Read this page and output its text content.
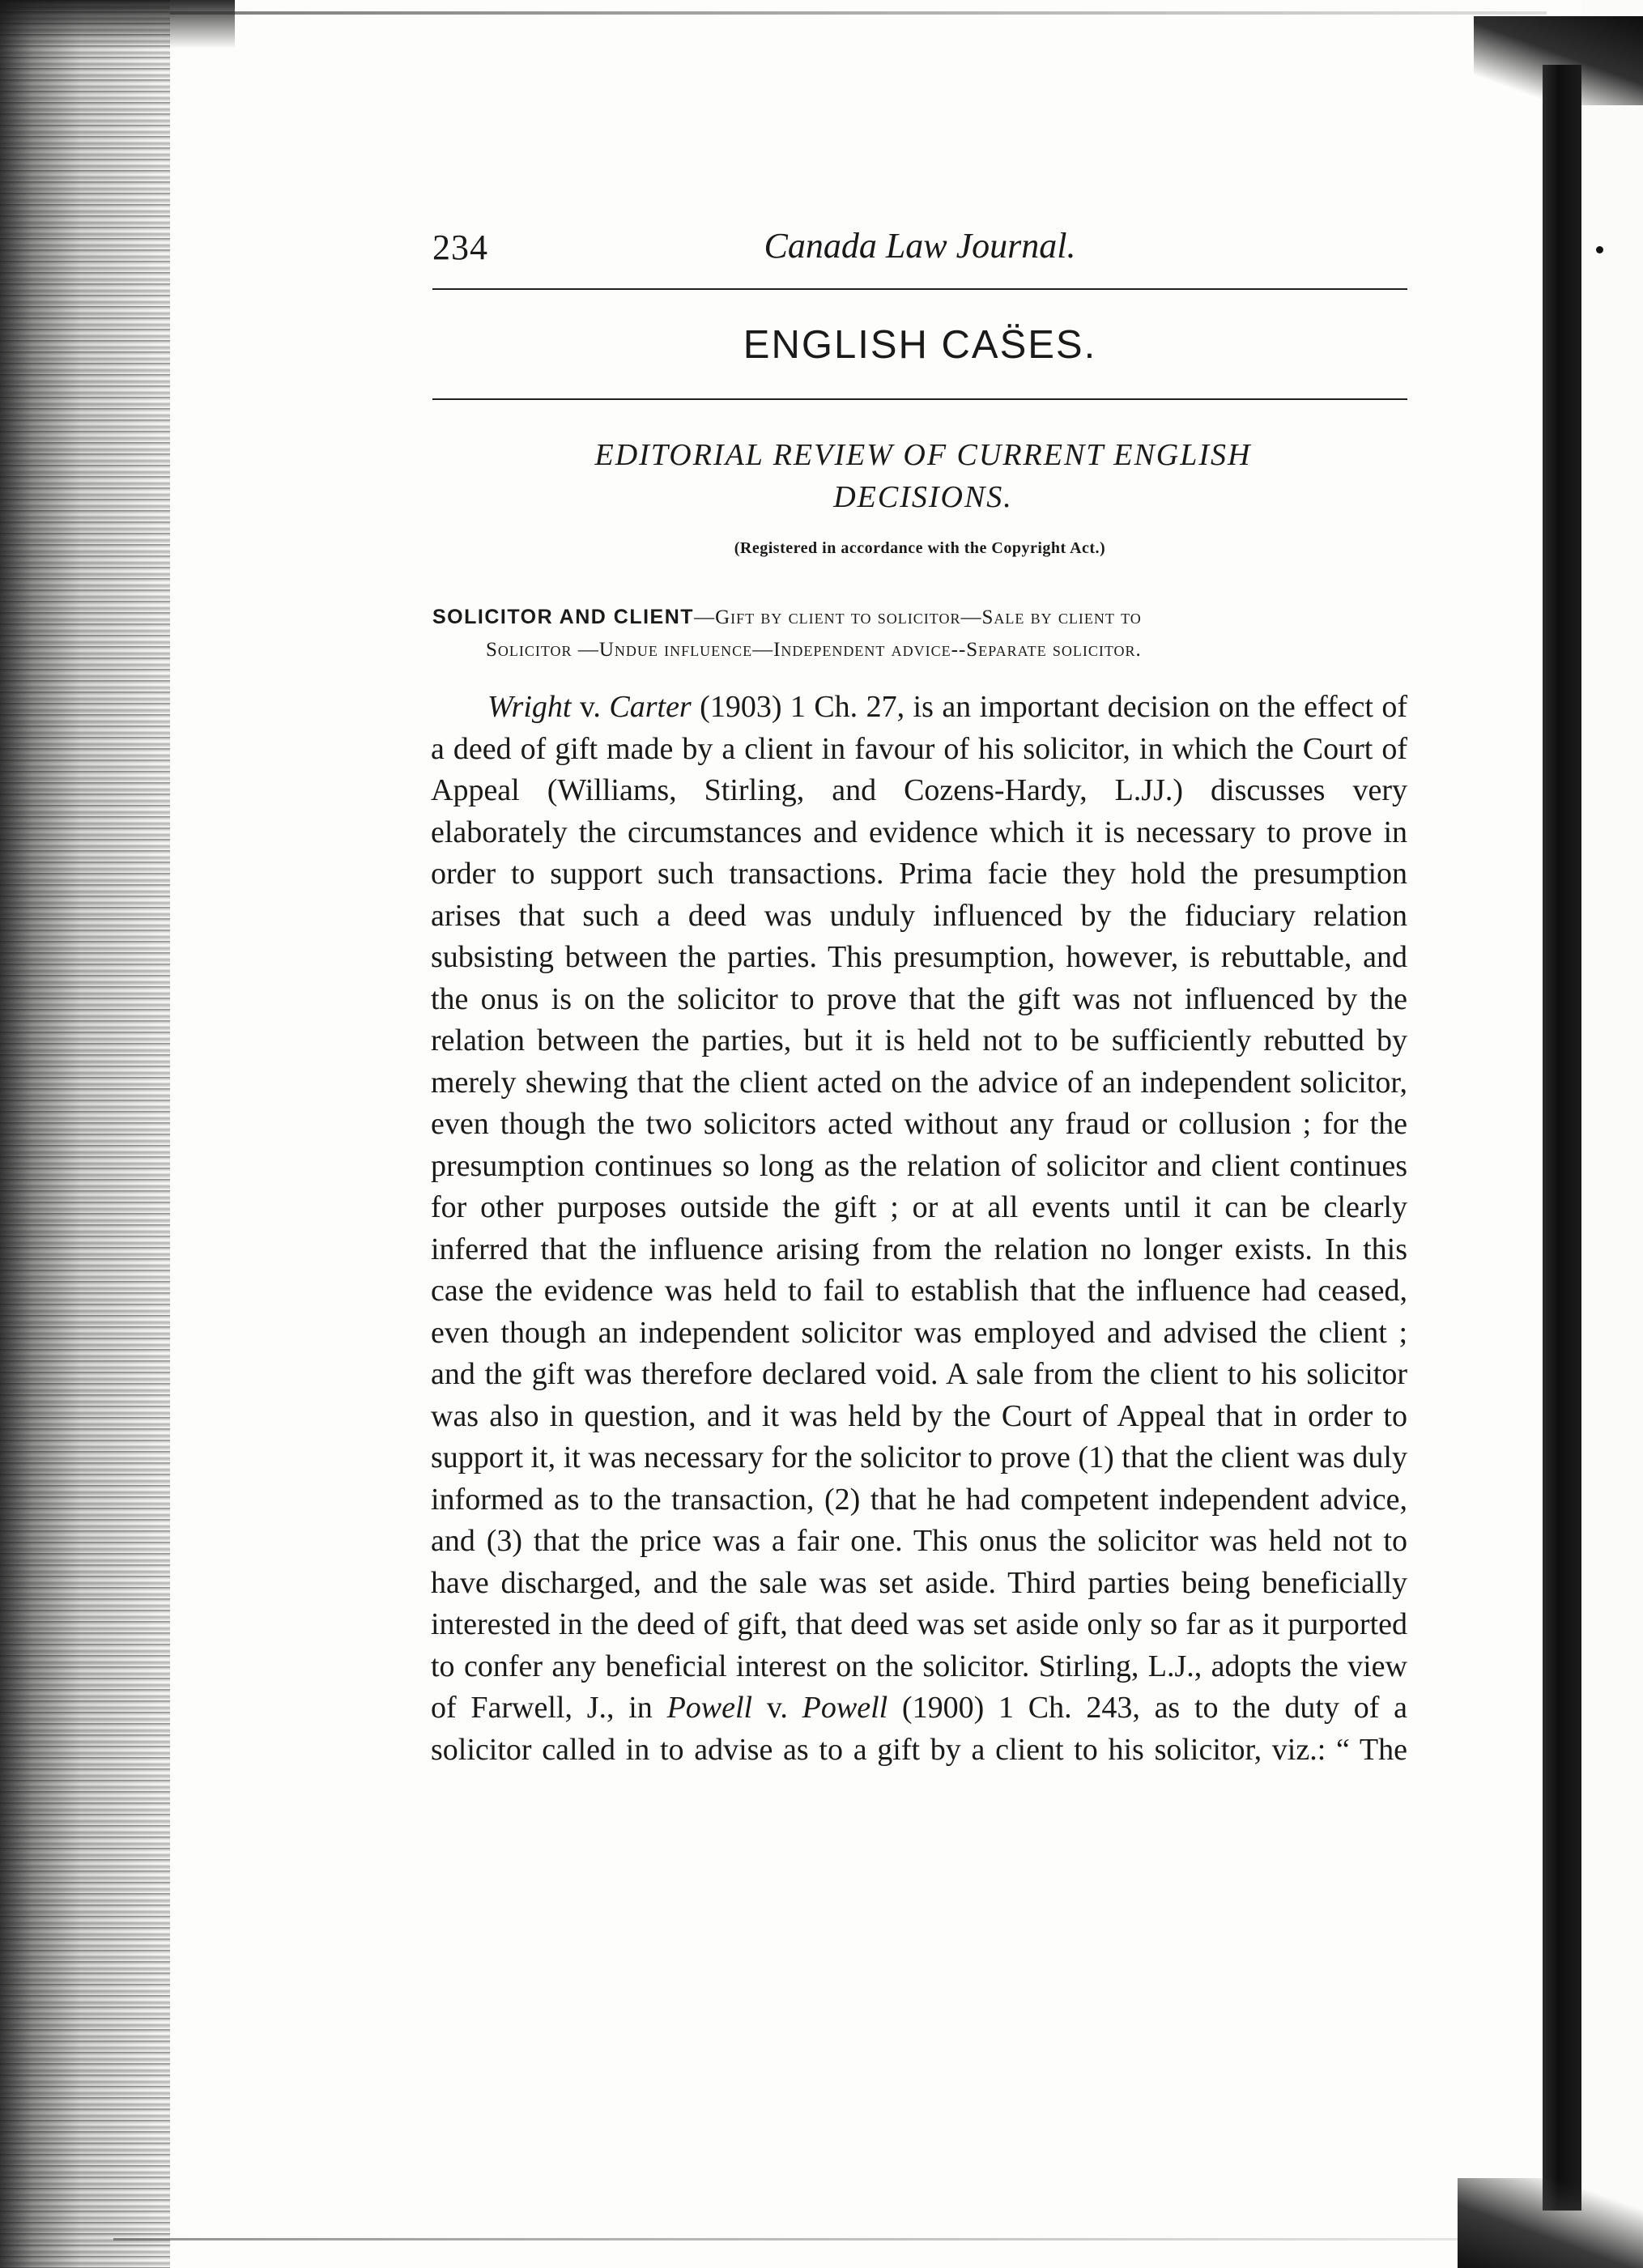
234	Canada Law Journal.
ENGLISH CAS̈ES.
EDITORIAL REVIEW OF CURRENT ENGLISH
DECISIONS.
(Registered in accordance with the Copyright Act.)
SOLICITOR AND CLIENT—Gift by client to solicitor—Sale by client to
Solicitor —Undue influence—Independent advice--Separate solicitor.

Wright v. Carter (1903) 1 Ch. 27, is an important decision on the effect of a deed of gift made by a client in favour of his solicitor, in which the Court of Appeal (Williams, Stirling, and Cozens-Hardy, L.JJ.) discusses very elaborately the circumstances and evidence which it is necessary to prove in order to support such transactions. Prima facie they hold the presumption arises that such a deed was unduly influenced by the fiduciary relation subsisting between the parties. This presumption, however, is rebuttable, and the onus is on the solicitor to prove that the gift was not influenced by the relation between the parties, but it is held not to be sufficiently rebutted by merely shewing that the client acted on the advice of an independent solicitor, even though the two solicitors acted without any fraud or collusion ; for the presumption continues so long as the relation of solicitor and client continues for other purposes outside the gift ; or at all events until it can be clearly inferred that the influence arising from the relation no longer exists. In this case the evidence was held to fail to establish that the influence had ceased, even though an independent solicitor was employed and advised the client ; and the gift was therefore declared void. A sale from the client to his solicitor was also in question, and it was held by the Court of Appeal that in order to support it, it was necessary for the solicitor to prove (1) that the client was duly informed as to the transaction, (2) that he had competent independent advice, and (3) that the price was a fair one. This onus the solicitor was held not to have discharged, and the sale was set aside. Third parties being beneficially interested in the deed of gift, that deed was set aside only so far as it purported to confer any beneficial interest on the solicitor. Stirling, L.J., adopts the view of Farwell, J., in Powell v. Powell (1900) 1 Ch. 243, as to the duty of a solicitor called in to advise as to a gift by a client to his solicitor, viz.: “ The
